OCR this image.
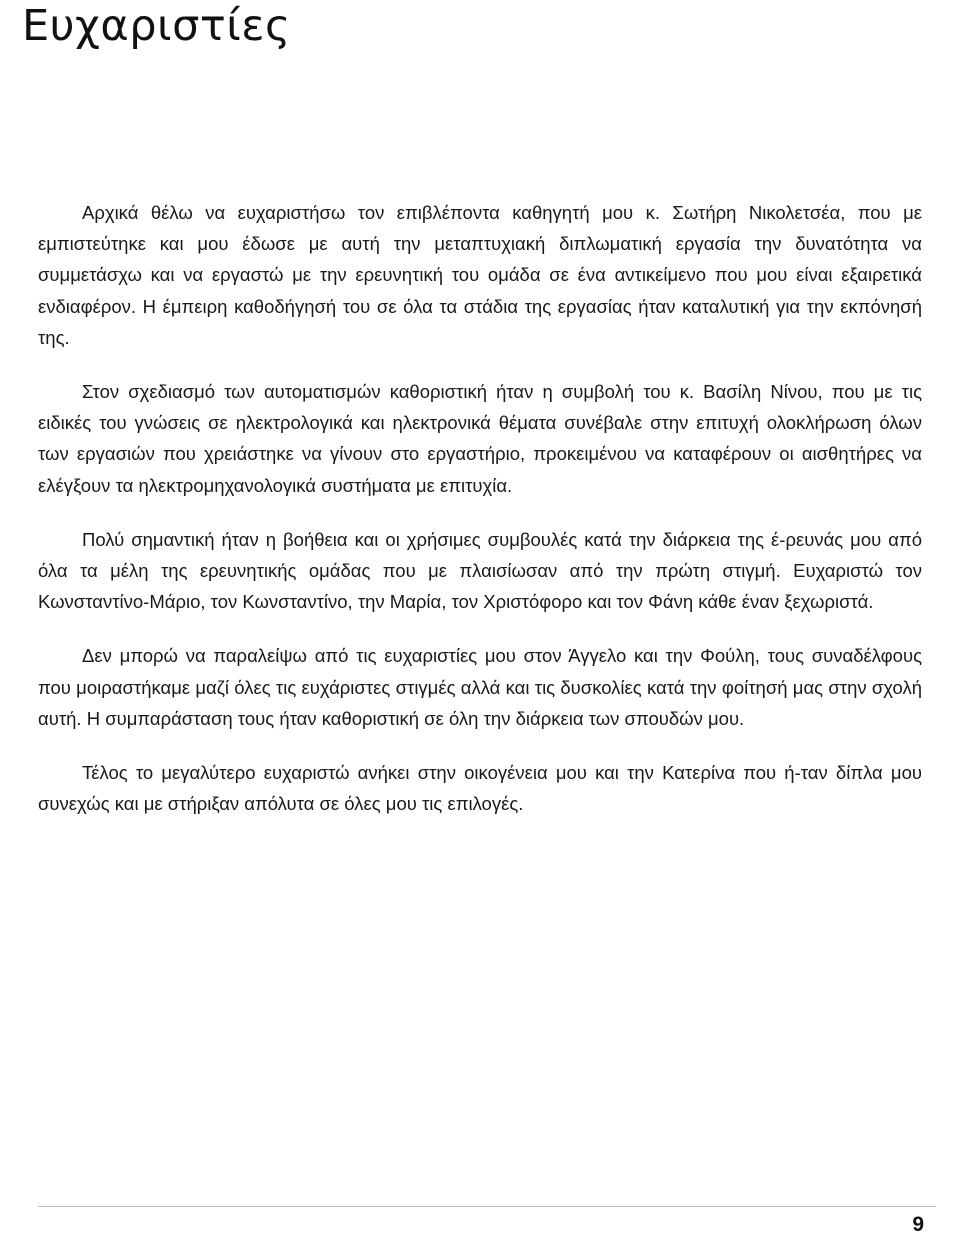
Ευχαριστίες

Αρχικά θέλω να ευχαριστήσω τον επιβλέποντα καθηγητή μου κ. Σωτήρη Νικολετσέα, που με εμπιστεύτηκε και μου έδωσε με αυτή την μεταπτυχιακή διπλωματική εργασία την δυνατότητα να συμμετάσχω και να εργαστώ με την ερευνητική του ομάδα σε ένα αντικείμενο που μου είναι εξαιρετικά ενδιαφέρον. Η έμπειρη καθοδήγησή του σε όλα τα στάδια της εργασίας ήταν καταλυτική για την εκπόνησή της.

Στον σχεδιασμό των αυτοματισμών καθοριστική ήταν η συμβολή του κ. Βασίλη Νίνου, που με τις ειδικές του γνώσεις σε ηλεκτρολογικά και ηλεκτρονικά θέματα συνέβαλε στην επιτυχή ολοκλήρωση όλων των εργασιών που χρειάστηκε να γίνουν στο εργαστήριο, προκειμένου να καταφέρουν οι αισθητήρες να ελέγξουν τα ηλεκτρομηχανολογικά συστήματα με επιτυχία.

Πολύ σημαντική ήταν η βοήθεια και οι χρήσιμες συμβουλές κατά την διάρκεια της έ-ρευνάς μου από όλα τα μέλη της ερευνητικής ομάδας που με πλαισίωσαν από την πρώτη στιγμή. Ευχαριστώ τον Κωνσταντίνο-Μάριο, τον Κωνσταντίνο, την Μαρία, τον Χριστόφορο και τον Φάνη κάθε έναν ξεχωριστά.

Δεν μπορώ να παραλείψω από τις ευχαριστίες μου στον Άγγελο και την Φούλη, τους συναδέλφους που μοιραστήκαμε μαζί όλες τις ευχάριστες στιγμές αλλά και τις δυσκολίες κατά την φοίτησή μας στην σχολή αυτή. Η συμπαράσταση τους ήταν καθοριστική σε όλη την διάρκεια των σπουδών μου.

Τέλος το μεγαλύτερο ευχαριστώ ανήκει στην οικογένεια μου και την Κατερίνα που ή-ταν δίπλα μου συνεχώς και με στήριξαν απόλυτα σε όλες μου τις επιλογές.

9
